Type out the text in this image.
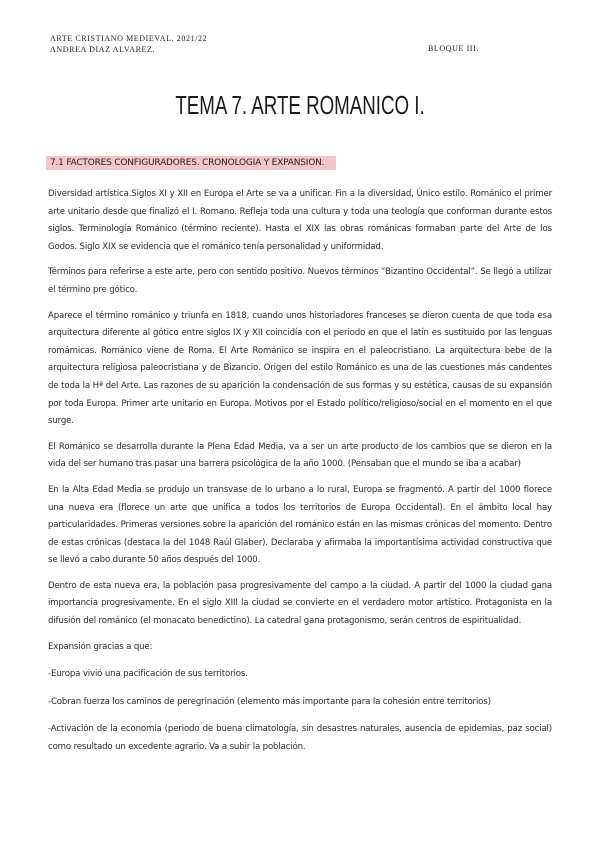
ARTE CRISTIANO MEDIEVAL. 2021/22
ANDREA DIAZ ALVAREZ.	BLOQUE III.
TEMA 7. ARTE ROMANICO I.
7.1 FACTORES CONFIGURADORES. CRONOLOGIA Y EXPANSION.

Diversidad artística.Siglos XI y XII en Europa el Arte se va a unificar. Fin a la diversidad, Único estilo. Románico el primer arte unitario desde que finalizó el I. Romano. Refleja toda una cultura y toda una teología que conforman durante estos siglos. Terminología Románico (término reciente). Hasta el XIX las obras románicas formaban parte del Arte de los Godos. Siglo XIX se evidencia que el románico tenía personalidad y uniformidad.

Términos para referirse a este arte, pero con sentido positivo. Nuevos términos “Bizantino Occidental”. Se llegó a utilizar el término pre gótico.

Aparece el término románico y triunfa en 1818, cuando unos historiadores franceses se dieron cuenta de que toda esa arquitectura diferente al gótico entre siglos IX y XII coincidía con el periodo en que el latín es sustituido por las lenguas romámicas. Románico viene de Roma. El Arte Románico se inspira en el paleocristiano. La arquitectura bebe de la arquitectura religiosa paleocristiana y de Bizancio. Origen del estilo Románico es una de las cuestiones más candentes de toda la Hª del Arte. Las razones de su aparición la condensación de sus formas y su estética, causas de su expansión por toda Europa. Primer arte unitario en Europa. Motivos por el Estado político/religioso/social en el momento en el que surge.

El Románico se desarrolla durante la Plena Edad Media, va a ser un arte producto de los cambios que se dieron en la vida del ser humano tras pasar una barrera psicológica de la año 1000. (Pensaban que el mundo se iba a acabar)

En la Alta Edad Media se produjo un transvase de lo urbano a lo rural, Europa se fragmentó. A partir del 1000 florece una nueva era (florece un arte que unifica a todos los territorios de Europa Occidental). En el ámbito local hay particularidades. Primeras versiones sobre la aparición del románico están en las mismas crónicas del momento. Dentro de estas crónicas (destaca la del 1048 Raúl Glaber). Declaraba y afirmaba la importantísima actividad constructiva que se llevó a cabo durante 50 años después del 1000.

Dentro de esta nueva era, la población pasa progresivamente del campo a la ciudad. A partir del 1000 la ciudad gana importancia progresivamente. En el siglo XIII la ciudad se convierte en el verdadero motor artístico. Protagonista en la difusión del románico (el monacato benedictino). La catedral gana protagonismo, serán centros de espiritualidad.

Expansión gracias a que:

-Europa vivió una pacificación de sus territorios.

-Cobran fuerza los caminos de peregrinación (elemento más importante para la cohesión entre territorios)

-Activación de la economía (periodo de buena climatología, sin desastres naturales, ausencia de epidemias, paz social) como resultado un excedente agrario. Va a subir la población.
